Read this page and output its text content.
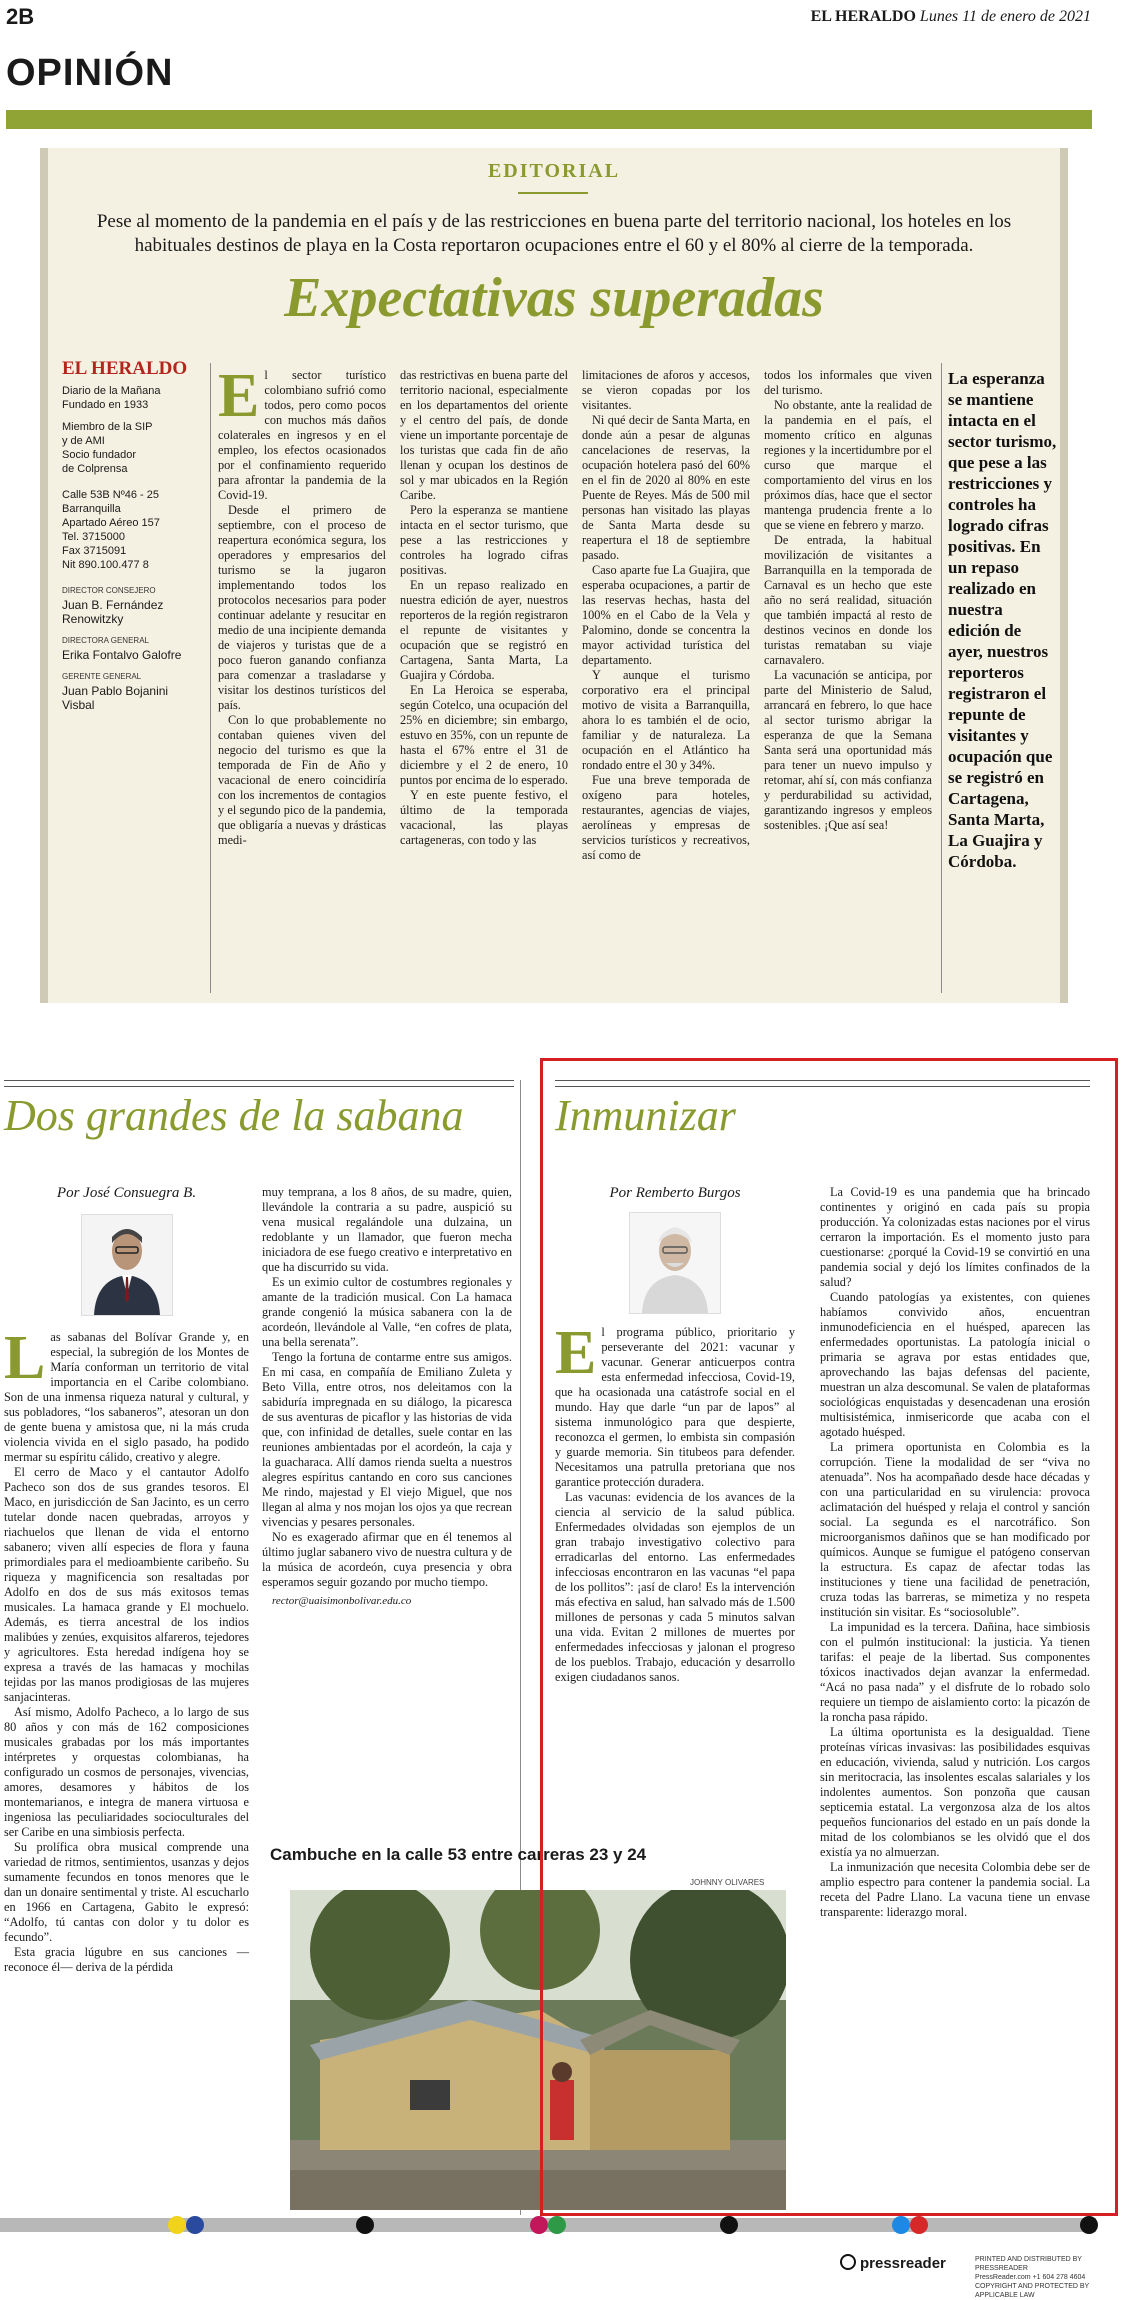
2B	EL HERALDO Lunes 11 de enero de 2021
OPINIÓN
EDITORIAL
Pese al momento de la pandemia en el país y de las restricciones en buena parte del territorio nacional, los hoteles en los habituales destinos de playa en la Costa reportaron ocupaciones entre el 60 y el 80% al cierre de la temporada.
Expectativas superadas
EL HERALDO
Diario de la Mañana
Fundado en 1933
Miembro de la SIP
y de AMI
Socio fundador
de Colprensa
Calle 53B Nº46 - 25
Barranquilla
Apartado Aéreo 157
Tel. 3715000
Fax 3715091
Nit 890.100.477 8
DIRECTOR CONSEJERO
Juan B. Fernández
Renowitzky
DIRECTORA GENERAL
Erika Fontalvo Galofre
GERENTE GENERAL
Juan Pablo Bojanini Visbal
E l sector turístico colombiano sufrió como todos, pero como pocos con muchos más daños colaterales en ingresos y en el empleo, los efectos ocasionados por el confinamiento requerido para afrontar la pandemia de la Covid-19.

Desde el primero de septiembre, con el proceso de reapertura económica segura, los operadores y empresarios del turismo se la jugaron implementando todos los protocolos necesarios para poder continuar adelante y resucitar en medio de una incipiente demanda de viajeros y turistas que de a poco fueron ganando confianza para comenzar a trasladarse y visitar los destinos turísticos del país.

Con lo que probablemente no contaban quienes viven del negocio del turismo es que la temporada de Fin de Año y vacacional de enero coincidiría con los incrementos de contagios y el segundo pico de la pandemia, que obligaría a nuevas y drásticas medi-

das restrictivas en buena parte del territorio nacional, especialmente en los departamentos del oriente y el centro del país, de donde viene un importante porcentaje de los turistas que cada fin de año llenan y ocupan los destinos de sol y mar ubicados en la Región Caribe.

Pero la esperanza se mantiene intacta en el sector turismo, que pese a las restricciones y controles ha logrado cifras positivas.

En un repaso realizado en nuestra edición de ayer, nuestros reporteros de la región registraron el repunte de visitantes y ocupación que se registró en Cartagena, Santa Marta, La Guajira y Córdoba.

En La Heroica se esperaba, según Cotelco, una ocupación del 25% en diciembre; sin embargo, estuvo en 35%, con un repunte de hasta el 67% entre el 31 de diciembre y el 2 de enero, 10 puntos por encima de lo esperado.

Y en este puente festivo, el último de la temporada vacacional, las playas cartageneras, con todo y las

limitaciones de aforos y accesos, se vieron copadas por los visitantes.

Ni qué decir de Santa Marta, en donde aún a pesar de algunas cancelaciones de reservas, la ocupación hotelera pasó del 60% en el fin de 2020 al 80% en este Puente de Reyes. Más de 500 mil personas han visitado las playas de Santa Marta desde su reapertura el 18 de septiembre pasado.

Caso aparte fue La Guajira, que esperaba ocupaciones, a partir de las reservas hechas, hasta del 100% en el Cabo de la Vela y Palomino, donde se concentra la mayor actividad turística del departamento.

Y aunque el turismo corporativo era el principal motivo de visita a Barranquilla, ahora lo es también el de ocio, familiar y de naturaleza. La ocupación en el Atlántico ha rondado entre el 30 y 34%.

Fue una breve temporada de oxígeno para hoteles, restaurantes, agencias de viajes, aerolíneas y empresas de servicios turísticos y recreativos, así como de

todos los informales que viven del turismo.

No obstante, ante la realidad de la pandemia en el país, el momento crítico en algunas regiones y la incertidumbre por el curso que marque el comportamiento del virus en los próximos días, hace que el sector mantenga prudencia frente a lo que se viene en febrero y marzo.

De entrada, la habitual movilización de visitantes a Barranquilla en la temporada de Carnaval es un hecho que este año no será realidad, situación que también impactá al resto de destinos vecinos en donde los turistas remataban su viaje carnavalero.

La vacunación se anticipa, por parte del Ministerio de Salud, arrancará en febrero, lo que hace al sector turismo abrigar la esperanza de que la Semana Santa será una oportunidad más para tener un nuevo impulso y retomar, ahí sí, con más confianza y perdurabilidad su actividad, garantizando ingresos y empleos sostenibles. ¡Que así sea!

La esperanza se mantiene intacta en el sector turismo, que pese a las restricciones y controles ha logrado cifras positivas. En un repaso realizado en nuestra edición de ayer, nuestros reporteros registraron el repunte de visitantes y ocupación que se registró en Cartagena, Santa Marta, La Guajira y Córdoba.
Dos grandes de la sabana
Por José Consuegra B.
L as sabanas del Bolívar Grande y, en especial, la subregión de los Montes de María conforman un territorio de vital importancia en el Caribe colombiano. Son de una inmensa riqueza natural y cultural, y sus pobladores, “los sabaneros”, atesoran un don de gente buena y amistosa que, ni la más cruda violencia vivida en el siglo pasado, ha podido mermar su espíritu cálido, creativo y alegre.

El cerro de Maco y el cantautor Adolfo Pacheco son dos de sus grandes tesoros. El Maco, en jurisdicción de San Jacinto, es un cerro tutelar donde nacen quebradas, arroyos y riachuelos que llenan de vida el entorno sabanero; viven allí especies de flora y fauna primordiales para el medioambiente caribeño. Su riqueza y magnificencia son resaltadas por Adolfo en dos de sus más exitosos temas musicales. La hamaca grande y El mochuelo. Además, es tierra ancestral de los indios malibúes y zenúes, exquisitos alfareros, tejedores y agricultores. Esta heredad indígena hoy se expresa a través de las hamacas y mochilas tejidas por las manos prodigiosas de las mujeres sanjacinteras.

Así mismo, Adolfo Pacheco, a lo largo de sus 80 años y con más de 162 composiciones musicales grabadas por los más importantes intérpretes y orquestas colombianas, ha configurado un cosmos de personajes, vivencias, amores, desamores y hábitos de los montemarianos, e integra de manera virtuosa e ingeniosa las peculiaridades socioculturales del ser Caribe en una simbiosis perfecta.

Su prolífica obra musical comprende una variedad de ritmos, sentimientos, usanzas y dejos sumamente fecundos en tonos menores que le dan un donaire sentimental y triste. Al escucharlo en 1966 en Cartagena, Gabito le expresó: “Adolfo, tú cantas con dolor y tu dolor es fecundo”.

Esta gracia lúgubre en sus canciones —reconoce él— deriva de la pérdida

muy temprana, a los 8 años, de su madre, quien, llevándole la contraria a su padre, auspició su vena musical regalándole una dulzaina, un redoblante y un llamador, que fueron mecha iniciadora de ese fuego creativo e interpretativo en que ha discurrido su vida.

Es un eximio cultor de costumbres regionales y amante de la tradición musical. Con La hamaca grande congenió la música sabanera con la de acordeón, llevándole al Valle, “en cofres de plata, una bella serenata”.

Tengo la fortuna de contarme entre sus amigos. En mi casa, en compañía de Emiliano Zuleta y Beto Villa, entre otros, nos deleitamos con la sabiduría impregnada en su diálogo, la picaresca de sus aventuras de picaflor y las historias de vida que, con infinidad de detalles, suele contar en las reuniones ambientadas por el acordeón, la caja y la guacharaca. Allí damos rienda suelta a nuestros alegres espíritus cantando en coro sus canciones Me rindo, majestad y El viejo Miguel, que nos llegan al alma y nos mojan los ojos ya que recrean vivencias y pesares personales.

No es exagerado afirmar que en él tenemos al último juglar sabanero vivo de nuestra cultura y de la música de acordeón, cuya presencia y obra esperamos seguir gozando por mucho tiempo.

rector@uaisimonbolivar.edu.co

Cambuche en la calle 53 entre carreras 23 y 24
JOHNNY OLIVARES
Inmunizar
Por Remberto Burgos
E l programa público, prioritario y perseverante del 2021: vacunar y vacunar. Generar anticuerpos contra esta enfermedad infecciosa, Covid-19, que ha ocasionada una catástrofe social en el mundo. Hay que darle “un par de lapos” al sistema inmunológico para que despierte, reconozca el germen, lo embista sin compasión y guarde memoria. Sin titubeos para defender. Necesitamos una patrulla pretoriana que nos garantice protección duradera.

Las vacunas: evidencia de los avances de la ciencia al servicio de la salud pública. Enfermedades olvidadas son ejemplos de un gran trabajo investigativo colectivo para erradicarlas del entorno. Las enfermedades infecciosas encontraron en las vacunas “el papa de los pollitos”: ¡así de claro! Es la intervención más efectiva en salud, han salvado más de 1.500 millones de personas y cada 5 minutos salvan una vida. Evitan 2 millones de muertes por enfermedades infecciosas y jalonan el progreso de los pueblos. Trabajo, educación y desarrollo exigen ciudadanos sanos.

La Covid-19 es una pandemia que ha brincado continentes y originó en cada país su propia producción. Ya colonizadas estas naciones por el virus cerraron la importación. Es el momento justo para cuestionarse: ¿porqué la Covid-19 se convirtió en una pandemia social y dejó los límites confinados de la salud?

Cuando patologías ya existentes, con quienes habíamos convivido años, encuentran inmunodeficiencia en el huésped, aparecen las enfermedades oportunistas. La patología inicial o primaria se agrava por estas entidades que, aprovechando las bajas defensas del paciente, muestran un alza descomunal. Se valen de plataformas sociológicas enquistadas y desencadenan una erosión multisistémica, inmisericorde que acaba con el agotado huésped.

La primera oportunista en Colombia es la corrupción. Tiene la modalidad de ser “viva no atenuada”. Nos ha acompañado desde hace décadas y con una particularidad en su virulencia: provoca aclimatación del huésped y relaja el control y sanción social. La segunda es el narcotráfico. Son microorganismos dañinos que se han modificado por químicos. Aunque se fumigue el patógeno conservan la estructura. Es capaz de afectar todas las instituciones y tiene una facilidad de penetración, cruza todas las barreras, se mimetiza y no respeta institución sin visitar. Es “sociosoluble”.

La impunidad es la tercera. Dañina, hace simbiosis con el pulmón institucional: la justicia. Ya tienen tarifas: el peaje de la libertad. Sus componentes tóxicos inactivados dejan avanzar la enfermedad. “Acá no pasa nada” y el disfrute de lo robado solo requiere un tiempo de aislamiento corto: la picazón de la roncha pasa rápido.

La última oportunista es la desigualdad. Tiene proteínas víricas invasivas: las posibilidades esquivas en educación, vivienda, salud y nutrición. Los cargos sin meritocracia, las insolentes escalas salariales y los indolentes aumentos. Son ponzoña que causan septicemia estatal. La vergonzosa alza de los altos pequeños funcionarios del estado en un país donde la mitad de los colombianos se les olvidó que el dos existía ya no almuerzan.

La inmunización que necesita Colombia debe ser de amplio espectro para contener la pandemia social. La receta del Padre Llano. La vacuna tiene un envase transparente: liderazgo moral.

pressreader	PRINTED AND DISTRIBUTED BY PRESSREADER
PressReader.com +1 604 278 4604
COPYRIGHT AND PROTECTED BY APPLICABLE LAW
